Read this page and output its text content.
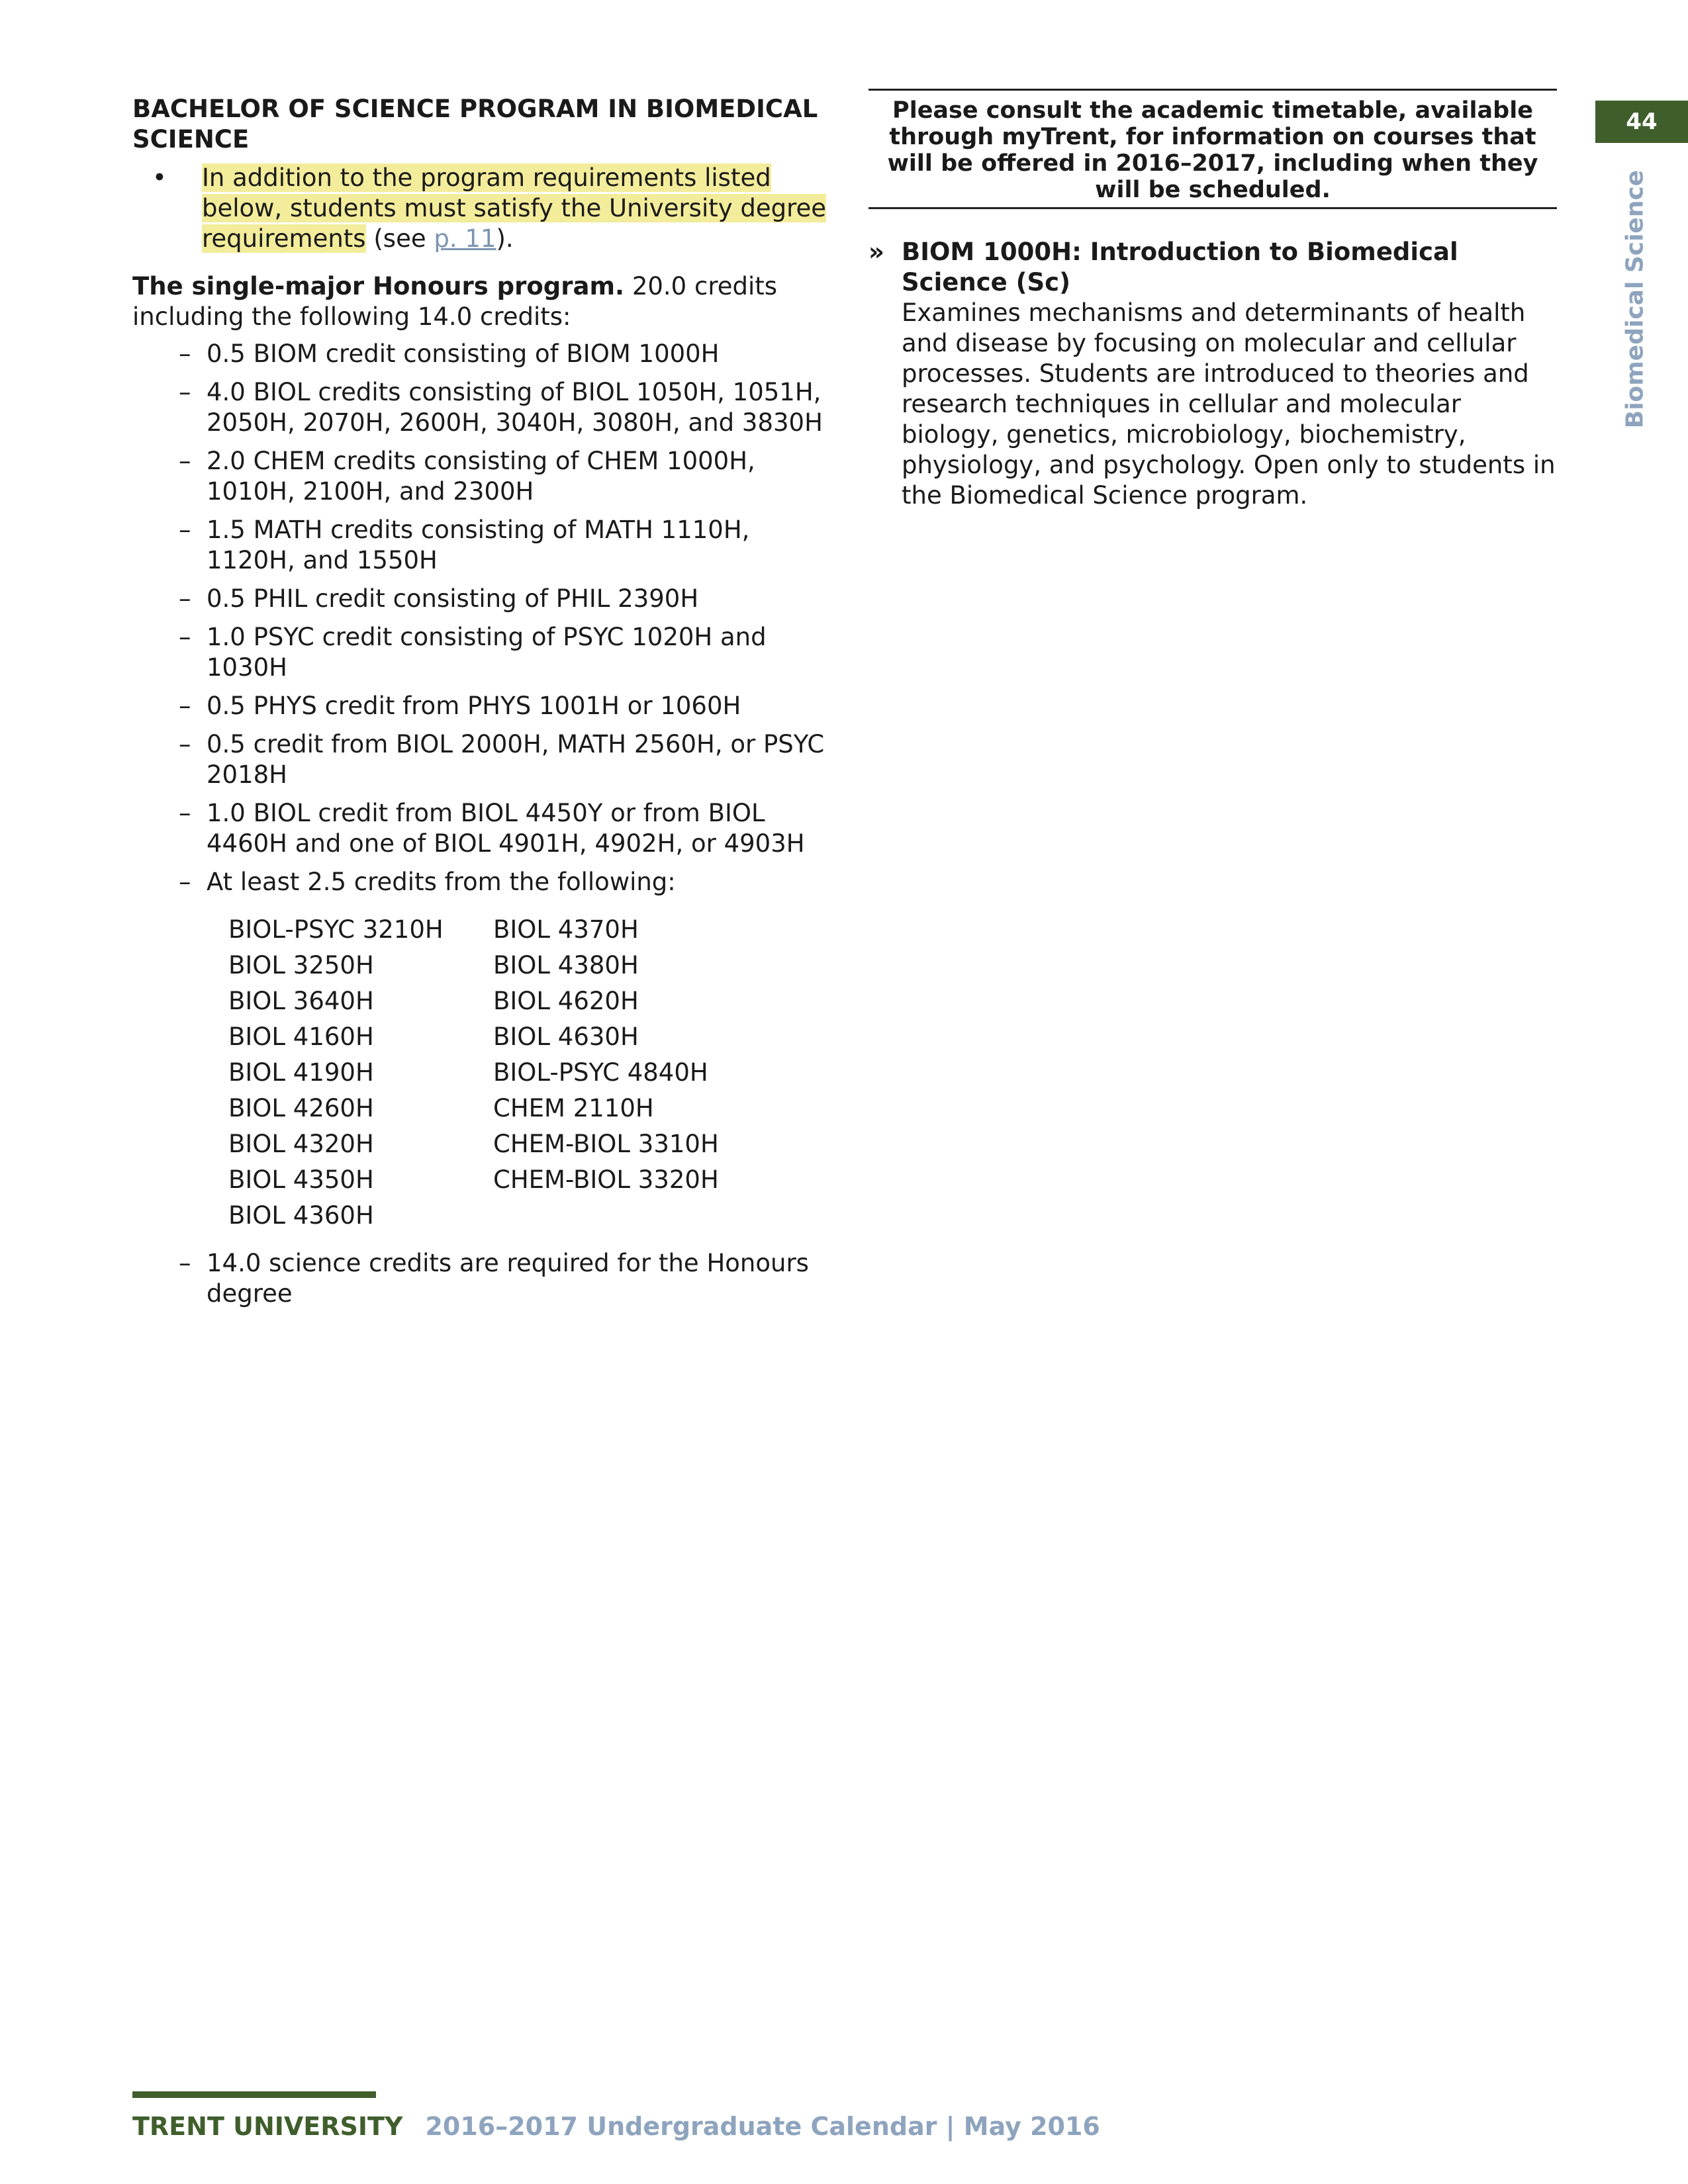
44
Biomedical Science
BACHELOR OF SCIENCE PROGRAM IN BIOMEDICAL SCIENCE
• In addition to the program requirements listed below, students must satisfy the University degree requirements (see p. 11).

The single-major Honours program. 20.0 credits including the following 14.0 credits:

– 0.5 BIOM credit consisting of BIOM 1000H
– 4.0 BIOL credits consisting of BIOL 1050H, 1051H, 2050H, 2070H, 2600H, 3040H, 3080H, and 3830H
– 2.0 CHEM credits consisting of CHEM 1000H, 1010H, 2100H, and 2300H
– 1.5 MATH credits consisting of MATH 1110H, 1120H, and 1550H
– 0.5 PHIL credit consisting of PHIL 2390H
– 1.0 PSYC credit consisting of PSYC 1020H and 1030H
– 0.5 PHYS credit from PHYS 1001H or 1060H
– 0.5 credit from BIOL 2000H, MATH 2560H, or PSYC 2018H
– 1.0 BIOL credit from BIOL 4450Y or from BIOL 4460H and one of BIOL 4901H, 4902H, or 4903H
– At least 2.5 credits from the following:
BIOL-PSYC 3210H	BIOL 4370H
BIOL 3250H	BIOL 4380H
BIOL 3640H	BIOL 4620H
BIOL 4160H	BIOL 4630H
BIOL 4190H	BIOL-PSYC 4840H
BIOL 4260H	CHEM 2110H
BIOL 4320H	CHEM-BIOL 3310H
BIOL 4350H	CHEM-BIOL 3320H
BIOL 4360H
– 14.0 science credits are required for the Honours degree
Please consult the academic timetable, available through myTrent, for information on courses that will be offered in 2016–2017, including when they will be scheduled.
» BIOM 1000H: Introduction to Biomedical Science (Sc)
Examines mechanisms and determinants of health and disease by focusing on molecular and cellular processes. Students are introduced to theories and research techniques in cellular and molecular biology, genetics, microbiology, biochemistry, physiology, and psychology. Open only to students in the Biomedical Science program.
TRENT UNIVERSITY 2016–2017 Undergraduate Calendar | May 2016
